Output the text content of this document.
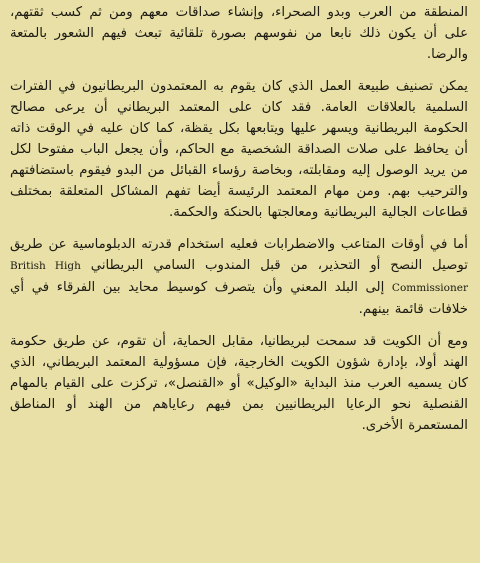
المنطقة من العرب وبدو الصحراء، وإنشاء صداقات معهم ومن ثم كسب ثقتهم، على أن يكون ذلك نابعا من نفوسهم بصورة تلقائية تبعث فيهم الشعور بالمتعة والرضا.

يمكن تصنيف طبيعة العمل الذي كان يقوم به المعتمدون البريطانيون في الفترات السلمية بالعلاقات العامة. فقد كان على المعتمد البريطاني أن يرعى مصالح الحكومة البريطانية ويسهر عليها ويتابعها بكل يقظة، كما كان عليه في الوقت ذاته أن يحافظ على صلات الصداقة الشخصية مع الحاكم، وأن يجعل الباب مفتوحا لكل من يريد الوصول إليه ومقابلته، وبخاصة رؤساء القبائل من البدو فيقوم باستضافتهم والترحيب بهم. ومن مهام المعتمد الرئيسة أيضا تفهم المشاكل المتعلقة بمختلف قطاعات الجالية البريطانية ومعالجتها بالحنكة والحكمة.

أما في أوقات المتاعب والاضطرابات فعليه استخدام قدرته الدبلوماسية عن طريق توصيل النصح أو التحذير، من قبل المندوب السامي البريطاني British High Commissioner إلى البلد المعني وأن يتصرف كوسيط محايد بين الفرقاء في أي خلافات قائمة بينهم.

ومع أن الكويت قد سمحت لبريطانيا، مقابل الحماية، أن تقوم، عن طريق حكومة الهند أولا، بإدارة شؤون الكويت الخارجية، فإن مسؤولية المعتمد البريطاني، الذي كان يسميه العرب منذ البداية «الوكيل» أو «القنصل»، تركزت على القيام بالمهام القنصلية نحو الرعايا البريطانيين بمن فيهم رعاياهم من الهند أو المناطق المستعمرة الأخرى.
